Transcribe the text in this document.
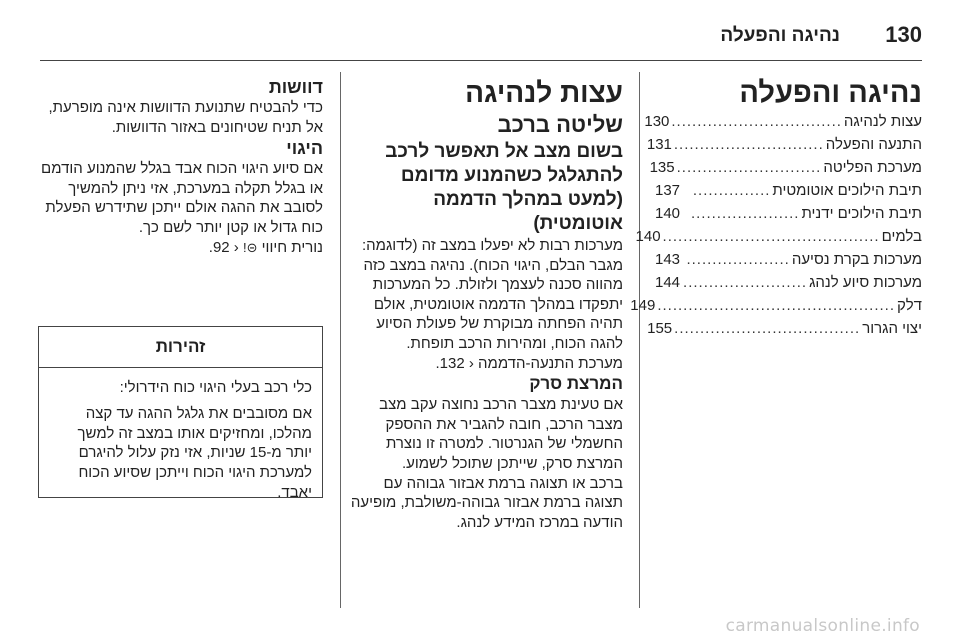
130
נהיגה והפעלה

נהיגה והפעלה

עצות לנהיגה
.................................
130
התנעה והפעלה
.............................
131
מערכת הפליטה
............................
135
תיבת הילוכים אוטומטית
...............
137
תיבת הילוכים ידנית
.....................
140
בלמים
..........................................
140
מערכות בקרת נסיעה
....................
143
מערכות סיוע לנהג
........................
144
דלק
..............................................
149
יצוי הגרור
....................................
155

עצות לנהיגה

שליטה ברכב

בשום מצב אל תאפשר לרכב להתגלגל כשהמנוע מדומם (למעט במהלך הדממה אוטומטית)

מערכות רבות לא יפעלו במצב זה (לדוגמה: מגבר הבלם, היגוי הכוח). נהיגה במצב כזה מהווה סכנה לעצמך ולזולת. כל המערכות יתפקדו במהלך הדממה אוטומטית, אולם תהיה הפחתה מבוקרת של פעולת הסיוע להגה הכוח, ומהירות הרכב תופחת.

מערכת התנעה-הדממה ‹ 132.

המרצת סרק

אם טעינת מצבר הרכב נחוצה עקב מצב מצבר הרכב, חובה להגביר את ההספק החשמלי של הגנרטור. למטרה זו נוצרת המרצת סרק, שייתכן שתוכל לשמוע.

ברכב או תצוגה ברמת אבזור גבוהה עם תצוגה ברמת אבזור גבוהה-משולבת, מופיעה הודעה במרכז המידע לנהג.

דוושות

כדי להבטיח שתנועת הדוושות אינה מופרעת, אל תניח שטיחונים באזור הדוושות.

היגוי

אם סיוע היגוי הכוח אבד בגלל שהמנוע הודמם או בגלל תקלה במערכת, אזי ניתן להמשיך לסובב את ההגה אולם ייתכן שתידרש הפעלת כוח גדול או קטן יותר לשם כך.

נורית חיווי ⊝! ‹ 92.

זהירות

כלי רכב בעלי היגוי כוח הידרולי:

אם מסובבים את גלגל ההגה עד קצה מהלכו, ומחזיקים אותו במצב זה למשך יותר מ-15 שניות, אזי נזק עלול להיגרם למערכת היגוי הכוח וייתכן שסיוע הכוח יאבד.

carmanualsonline.info
